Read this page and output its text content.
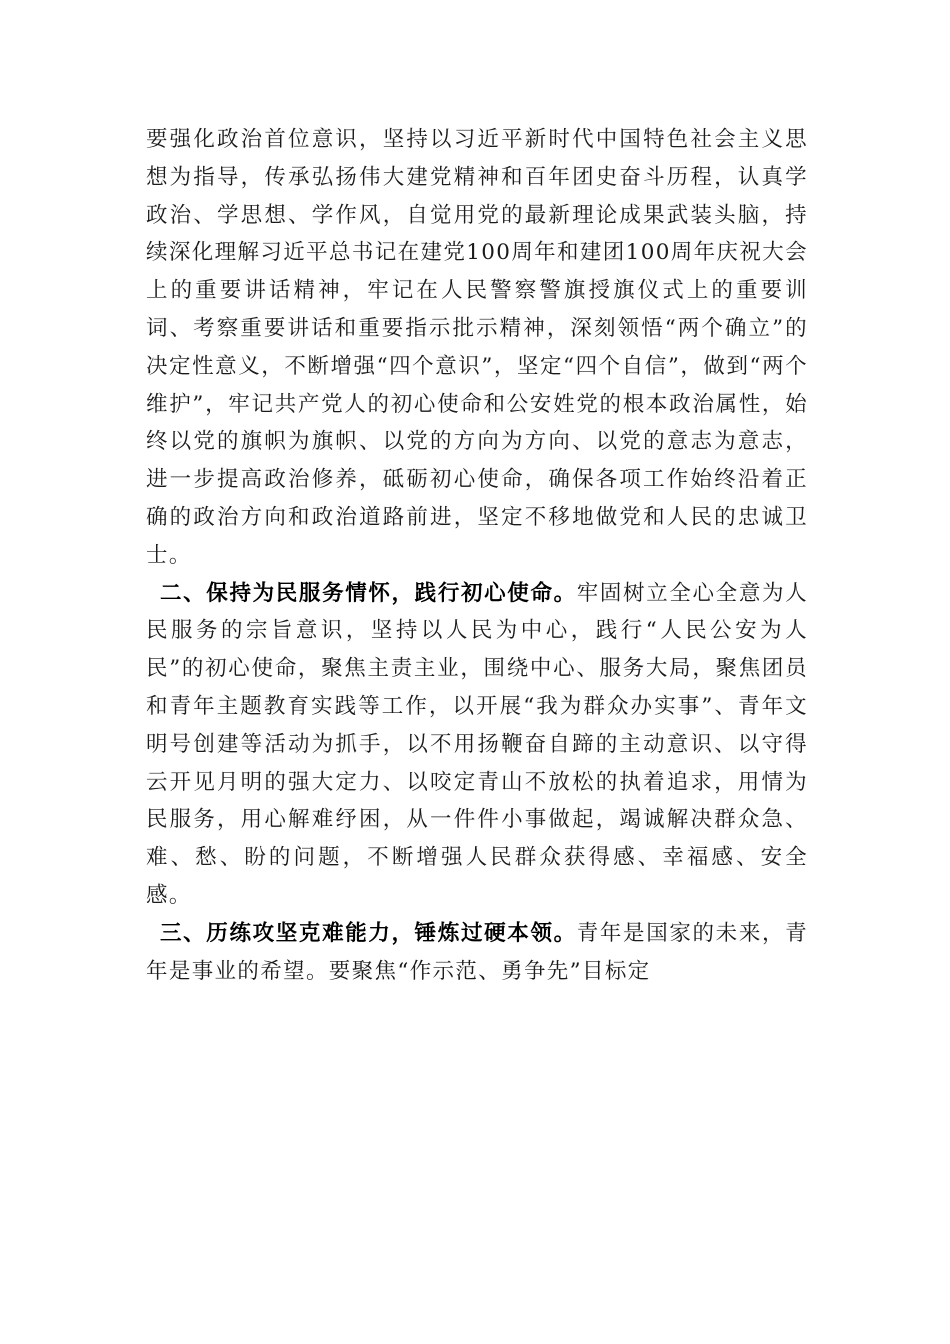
要强化政治首位意识，坚持以习近平新时代中国特色社会主义思想为指导，传承弘扬伟大建党精神和百年团史奋斗历程，认真学政治、学思想、学作风，自觉用党的最新理论成果武装头脑，持续深化理解习近平总书记在建党100周年和建团100周年庆祝大会上的重要讲话精神，牢记在人民警察警旗授旗仪式上的重要训词、考察重要讲话和重要指示批示精神，深刻领悟“两个确立”的决定性意义，不断增强“四个意识”，坚定“四个自信”，做到“两个维护”，牢记共产党人的初心使命和公安姓党的根本政治属性，始终以党的旗帜为旗帜、以党的方向为方向、以党的意志为意志，进一步提高政治修养，砥砺初心使命，确保各项工作始终沿着正确的政治方向和政治道路前进，坚定不移地做党和人民的忠诚卫士。

二、保持为民服务情怀，践行初心使命。牢固树立全心全意为人民服务的宗旨意识，坚持以人民为中心，践行“人民公安为人民”的初心使命，聚焦主责主业，围绕中心、服务大局，聚焦团员和青年主题教育实践等工作，以开展“我为群众办实事”、青年文明号创建等活动为抓手，以不用扬鞭奋自蹄的主动意识、以守得云开见月明的强大定力、以咬定青山不放松的执着追求，用情为民服务，用心解难纾困，从一件件小事做起，竭诚解决群众急、难、愁、盼的问题，不断增强人民群众获得感、幸福感、安全感。

三、历练攻坚克难能力，锤炼过硬本领。青年是国家的未来，青年是事业的希望。要聚焦“作示范、勇争先”目标定
